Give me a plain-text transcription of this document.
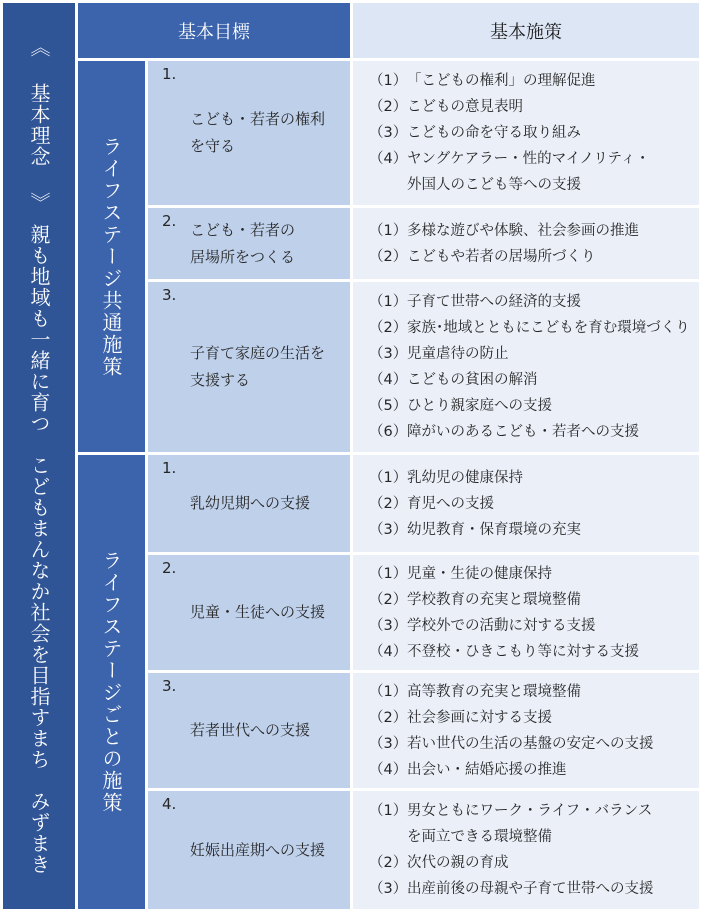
《 基本理念 》　親も地域も一緒に育つ　こどもまんなか社会を目指すまち　みずまき
基本目標	基本施策
ライフステージ共通施策
ライフステージごとの施策
1.
こども・若者の権利
を守る
（1） 「こどもの権利」の理解促進
（2） こどもの意見表明
（3） こどもの命を守る取り組み
（4） ヤングケアラー・性的マイノリティ・
外国人のこども等への支援
2. こども・若者の
居場所をつくる
（1） 多様な遊びや体験、社会参画の推進
（2） こどもや若者の居場所づくり
3.
子育て家庭の生活を
支援する
（1） 子育て世帯への経済的支援
（2） 家族･地域とともにこどもを育む環境づくり
（3） 児童虐待の防止
（4） こどもの貧困の解消
（5） ひとり親家庭への支援
（6） 障がいのあるこども・若者への支援
1.
乳幼児期への支援
（1） 乳幼児の健康保持
（2） 育児への支援
（3） 幼児教育・保育環境の充実
2.
児童・生徒への支援
（1） 児童・生徒の健康保持
（2） 学校教育の充実と環境整備
（3） 学校外での活動に対する支援
（4） 不登校・ひきこもり等に対する支援
3.
若者世代への支援
（1） 高等教育の充実と環境整備
（2） 社会参画に対する支援
（3） 若い世代の生活の基盤の安定への支援
（4） 出会い・結婚応援の推進
4.
妊娠出産期への支援
（1） 男女ともにワーク・ライフ・バランス
を両立できる環境整備
（2） 次代の親の育成
（3） 出産前後の母親や子育て世帯への支援
